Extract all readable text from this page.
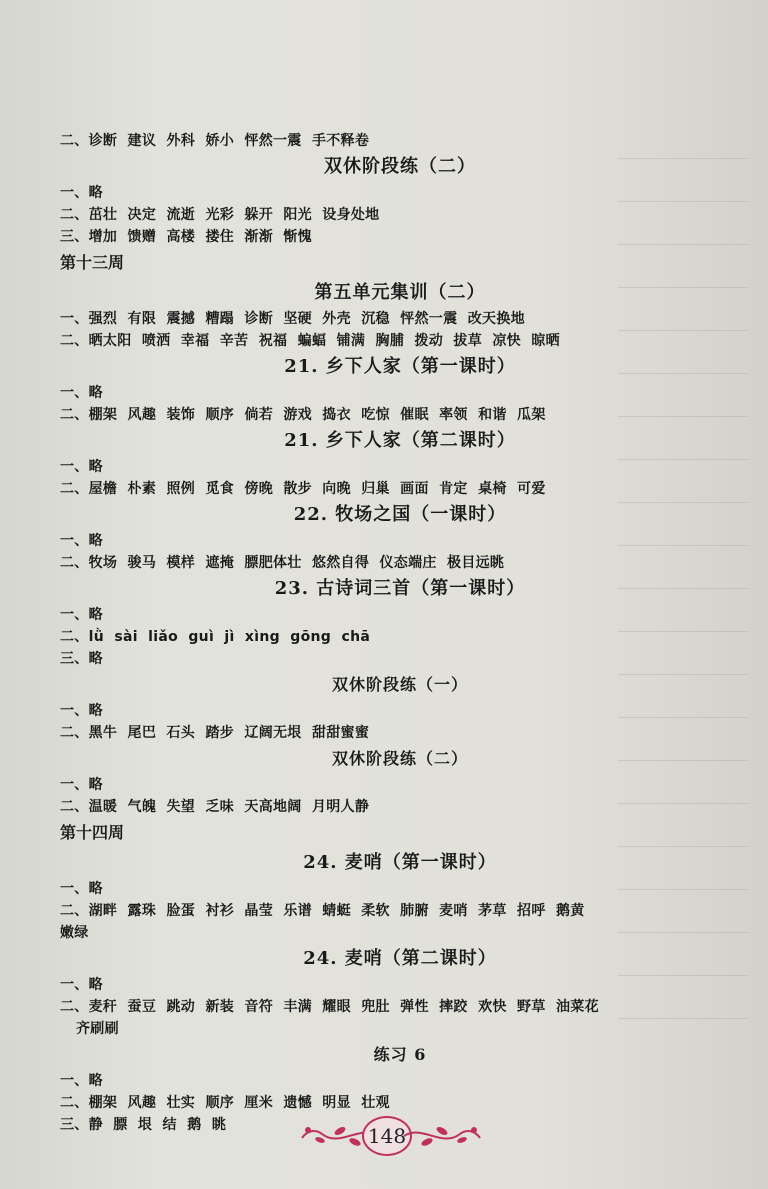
二、诊断  建议  外科  娇小  怦然一震  手不释卷
双休阶段练（二）
一、略
二、茁壮  决定  流逝  光彩  躲开  阳光  设身处地
三、增加  馈赠  高楼  搂住  渐渐  惭愧
第十三周
第五单元集训（二）
一、强烈  有限  震撼  糟蹋  诊断  坚硬  外壳  沉稳  怦然一震  改天换地
二、晒太阳  喷洒  幸福  辛苦  祝福  蝙蝠  铺满  胸脯  拨动  拔草  凉快  晾晒
21. 乡下人家（第一课时）
一、略
二、棚架  风趣  装饰  顺序  倘若  游戏  捣衣  吃惊  催眠  率领  和谐  瓜架
21. 乡下人家（第二课时）
一、略
二、屋檐  朴素  照例  觅食  傍晚  散步  向晚  归巢  画面  肯定  桌椅  可爱
22. 牧场之国（一课时）
一、略
二、牧场  骏马  模样  遮掩  膘肥体壮  悠然自得  仪态端庄  极目远眺
23. 古诗词三首（第一课时）
一、略
二、lǜ  sài  liǎo  guì  jì  xìng  gōng  chā
三、略
双休阶段练（一）
一、略
二、黑牛  尾巴  石头  踏步  辽阔无垠  甜甜蜜蜜
双休阶段练（二）
一、略
二、温暖  气魄  失望  乏味  天高地阔  月明人静
第十四周
24. 麦哨（第一课时）
一、略
二、湖畔  露珠  脸蛋  衬衫  晶莹  乐谱  蜻蜓  柔软  肺腑  麦哨  茅草  招呼  鹅黄
嫩绿
24. 麦哨（第二课时）
一、略
二、麦秆  蚕豆  跳动  新装  音符  丰满  耀眼  兜肚  弹性  摔跤  欢快  野草  油菜花
齐刷刷
练习 6
一、略
二、棚架  风趣  壮实  顺序  厘米  遗憾  明显  壮观
三、静  膘  垠  结  鹅  眺	148
